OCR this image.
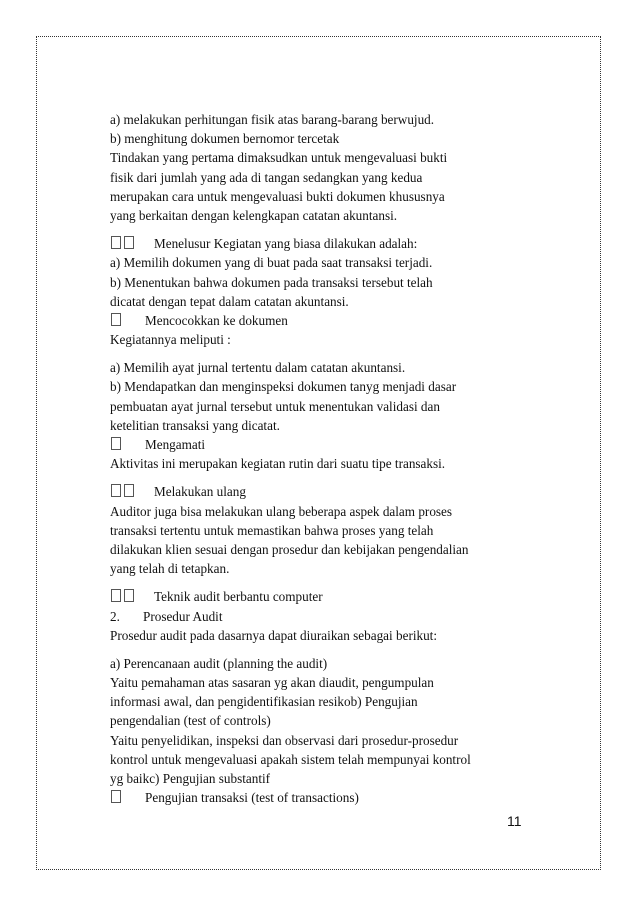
a) melakukan perhitungan fisik atas barang-barang berwujud.
b) menghitung dokumen bernomor tercetak
Tindakan yang pertama dimaksudkan untuk mengevaluasi bukti
fisik dari jumlah yang ada di tangan sedangkan yang kedua
merupakan cara untuk mengevaluasi bukti dokumen khususnya
yang berkaitan dengan kelengkapan catatan akuntansi.
Menelusur Kegiatan yang biasa dilakukan adalah:
a) Memilih dokumen yang di buat pada saat transaksi terjadi.
b) Menentukan bahwa dokumen pada transaksi tersebut telah
dicatat dengan tepat dalam catatan akuntansi.
Mencocokkan ke dokumen
Kegiatannya meliputi :
a) Memilih ayat jurnal tertentu dalam catatan akuntansi.
b) Mendapatkan dan menginspeksi dokumen tanyg menjadi dasar
pembuatan ayat jurnal tersebut untuk menentukan validasi dan
ketelitian transaksi yang dicatat.
Mengamati
Aktivitas ini merupakan kegiatan rutin dari suatu tipe transaksi.
Melakukan ulang
Auditor juga bisa melakukan ulang beberapa aspek dalam proses
transaksi tertentu untuk memastikan bahwa proses yang telah
dilakukan klien sesuai dengan prosedur dan kebijakan pengendalian
yang telah di tetapkan.
Teknik audit berbantu computer
2. Prosedur Audit
Prosedur audit pada dasarnya dapat diuraikan sebagai berikut:
a) Perencanaan audit (planning the audit)
Yaitu pemahaman atas sasaran yg akan diaudit, pengumpulan
informasi awal, dan pengidentifikasian resikob) Pengujian
pengendalian (test of controls)
Yaitu penyelidikan, inspeksi dan observasi dari prosedur-prosedur
kontrol untuk mengevaluasi apakah sistem telah mempunyai kontrol
yg baikc) Pengujian substantif
Pengujian transaksi (test of transactions)
11
